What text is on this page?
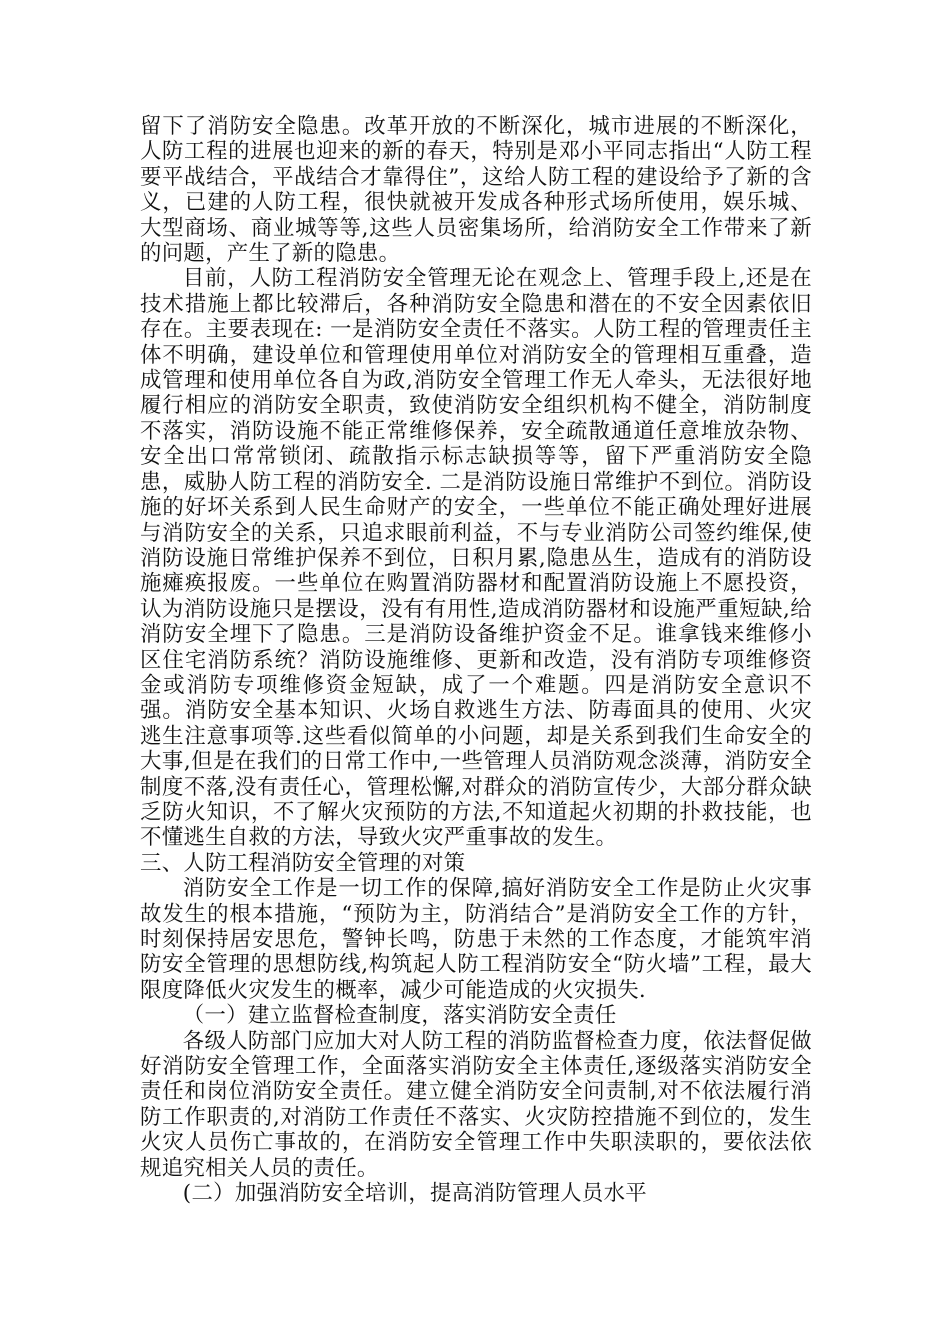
留下了消防安全隐患。改革开放的不断深化，城市进展的不断深化，人防工程的进展也迎来的新的春天，特别是邓小平同志指出“人防工程要平战结合，平战结合才靠得住”，这给人防工程的建设给予了新的含义，已建的人防工程，很快就被开发成各种形式场所使用，娱乐城、大型商场、商业城等等,这些人员密集场所，给消防安全工作带来了新的问题，产生了新的隐患。

目前，人防工程消防安全管理无论在观念上、管理手段上,还是在技术措施上都比较滞后，各种消防安全隐患和潜在的不安全因素依旧存在。主要表现在: 一是消防安全责任不落实。人防工程的管理责任主体不明确，建设单位和管理使用单位对消防安全的管理相互重叠，造成管理和使用单位各自为政,消防安全管理工作无人牵头，无法很好地履行相应的消防安全职责，致使消防安全组织机构不健全，消防制度不落实，消防设施不能正常维修保养，安全疏散通道任意堆放杂物、安全出口常常锁闭、疏散指示标志缺损等等，留下严重消防安全隐患，威胁人防工程的消防安全. 二是消防设施日常维护不到位。消防设施的好坏关系到人民生命财产的安全，一些单位不能正确处理好进展与消防安全的关系，只追求眼前利益，不与专业消防公司签约维保,使消防设施日常维护保养不到位，日积月累,隐患丛生，造成有的消防设施瘫痪报废。一些单位在购置消防器材和配置消防设施上不愿投资，认为消防设施只是摆设，没有有用性,造成消防器材和设施严重短缺,给消防安全埋下了隐患。三是消防设备维护资金不足。谁拿钱来维修小区住宅消防系统？消防设施维修、更新和改造，没有消防专项维修资金或消防专项维修资金短缺，成了一个难题。四是消防安全意识不强。消防安全基本知识、火场自救逃生方法、防毒面具的使用、火灾逃生注意事项等.这些看似简单的小问题，却是关系到我们生命安全的大事,但是在我们的日常工作中,一些管理人员消防观念淡薄，消防安全制度不落,没有责任心，管理松懈,对群众的消防宣传少，大部分群众缺乏防火知识，不了解火灾预防的方法,不知道起火初期的扑救技能，也不懂逃生自救的方法，导致火灾严重事故的发生。

三、人防工程消防安全管理的对策

消防安全工作是一切工作的保障,搞好消防安全工作是防止火灾事故发生的根本措施，“预防为主，防消结合”是消防安全工作的方针，时刻保持居安思危，警钟长鸣，防患于未然的工作态度，才能筑牢消防安全管理的思想防线,构筑起人防工程消防安全“防火墙”工程，最大限度降低火灾发生的概率，减少可能造成的火灾损失.

（一）建立监督检查制度，落实消防安全责任

各级人防部门应加大对人防工程的消防监督检查力度，依法督促做好消防安全管理工作，全面落实消防安全主体责任,逐级落实消防安全责任和岗位消防安全责任。建立健全消防安全问责制,对不依法履行消防工作职责的,对消防工作责任不落实、火灾防控措施不到位的，发生火灾人员伤亡事故的，在消防安全管理工作中失职渎职的，要依法依规追究相关人员的责任。

(二）加强消防安全培训，提高消防管理人员水平
